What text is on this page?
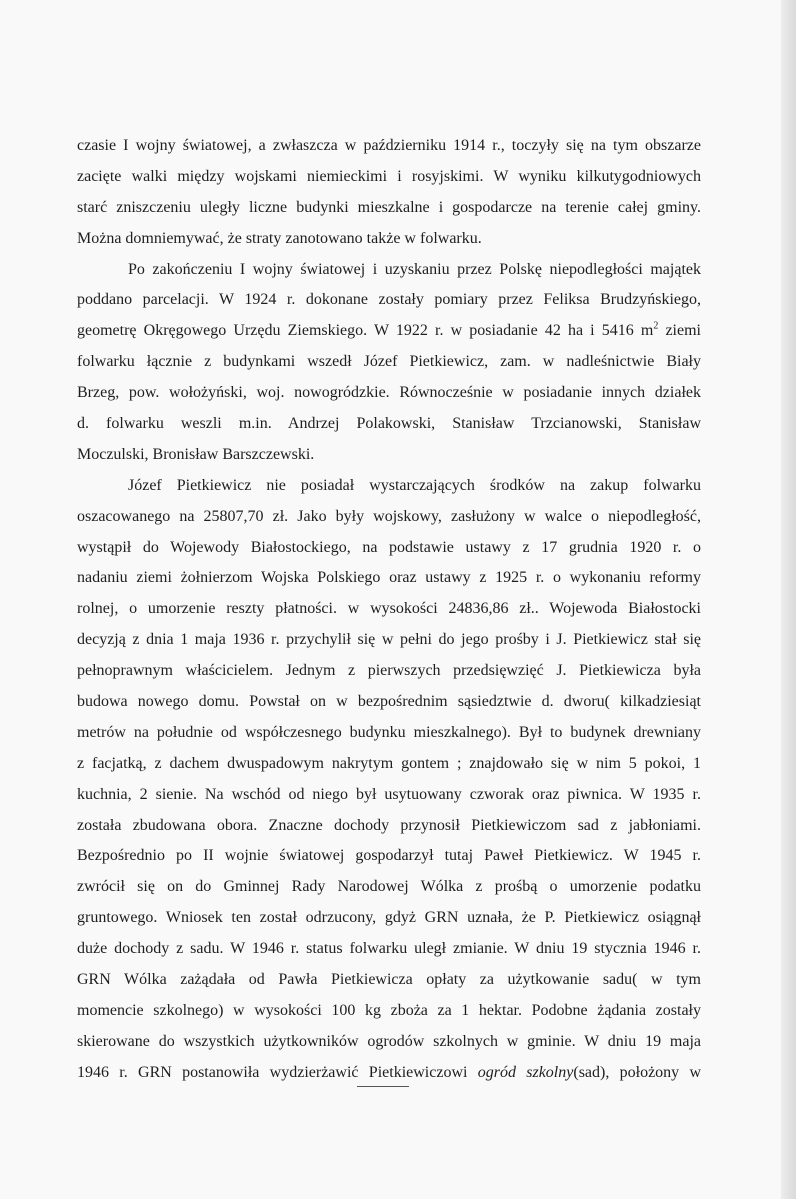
czasie I wojny światowej, a zwłaszcza w październiku 1914 r., toczyły się na tym obszarze
zacięte walki między wojskami niemieckimi i rosyjskimi. W wyniku kilkutygodniowych
starć zniszczeniu uległy liczne budynki mieszkalne i gospodarcze na terenie całej gminy.
Można domniemywać, że straty zanotowano także w folwarku.
Po zakończeniu I wojny światowej i uzyskaniu przez Polskę niepodległości majątek
poddano parcelacji. W 1924 r. dokonane zostały pomiary przez Feliksa Brudzyńskiego,
geometrę Okręgowego Urzędu Ziemskiego. W 1922 r. w posiadanie 42 ha i 5416 $m^2$ ziemi
folwarku łącznie z budynkami wszedł Józef Pietkiewicz, zam. w nadleśnictwie Biały
Brzeg, pow. wołożyński, woj. nowogródzkie. Równocześnie w posiadanie innych działek
d. folwarku weszli m.in. Andrzej Polakowski, Stanisław Trzcianowski, Stanisław
Moczulski, Bronisław Barszczewski.
Józef Pietkiewicz nie posiadał wystarczających środków na zakup folwarku
oszacowanego na 25807,70 zł. Jako były wojskowy, zasłużony w walce o niepodległość,
wystąpił do Wojewody Białostockiego, na podstawie ustawy z 17 grudnia 1920 r. o
nadaniu ziemi żołnierzom Wojska Polskiego oraz ustawy z 1925 r. o wykonaniu reformy
rolnej, o umorzenie reszty płatności. w wysokości 24836,86 zł.. Wojewoda Białostocki
decyzją z dnia 1 maja 1936 r. przychylił się w pełni do jego prośby i J. Pietkiewicz stał się
pełnoprawnym właścicielem. Jednym z pierwszych przedsięwzięć J. Pietkiewicza była
budowa nowego domu. Powstał on w bezpośrednim sąsiedztwie d. dworu( kilkadziesiąt
metrów na południe od współczesnego budynku mieszkalnego). Był to budynek drewniany
z facjatką, z dachem dwuspadowym nakrytym gontem ; znajdowało się w nim 5 pokoi, 1
kuchnia, 2 sienie. Na wschód od niego był usytuowany czworak oraz piwnica. W 1935 r.
została zbudowana obora. Znaczne dochody przynosił Pietkiewiczom sad z jabłoniami.
Bezpośrednio po II wojnie światowej gospodarzył tutaj Paweł Pietkiewicz. W 1945 r.
zwrócił się on do Gminnej Rady Narodowej Wólka z prośbą o umorzenie podatku
gruntowego. Wniosek ten został odrzucony, gdyż GRN uznała, że P. Pietkiewicz osiągnął
duże dochody z sadu. W 1946 r. status folwarku uległ zmianie. W dniu 19 stycznia 1946 r.
GRN Wólka zażądała od Pawła Pietkiewicza opłaty za użytkowanie sadu( w tym
momencie szkolnego) w wysokości 100 kg zboża za 1 hektar. Podobne żądania zostały
skierowane do wszystkich użytkowników ogrodów szkolnych w gminie. W dniu 19 maja
1946 r. GRN postanowiła wydzierżawić Pietkiewiczowi ogród szkolny(sad), położony w
